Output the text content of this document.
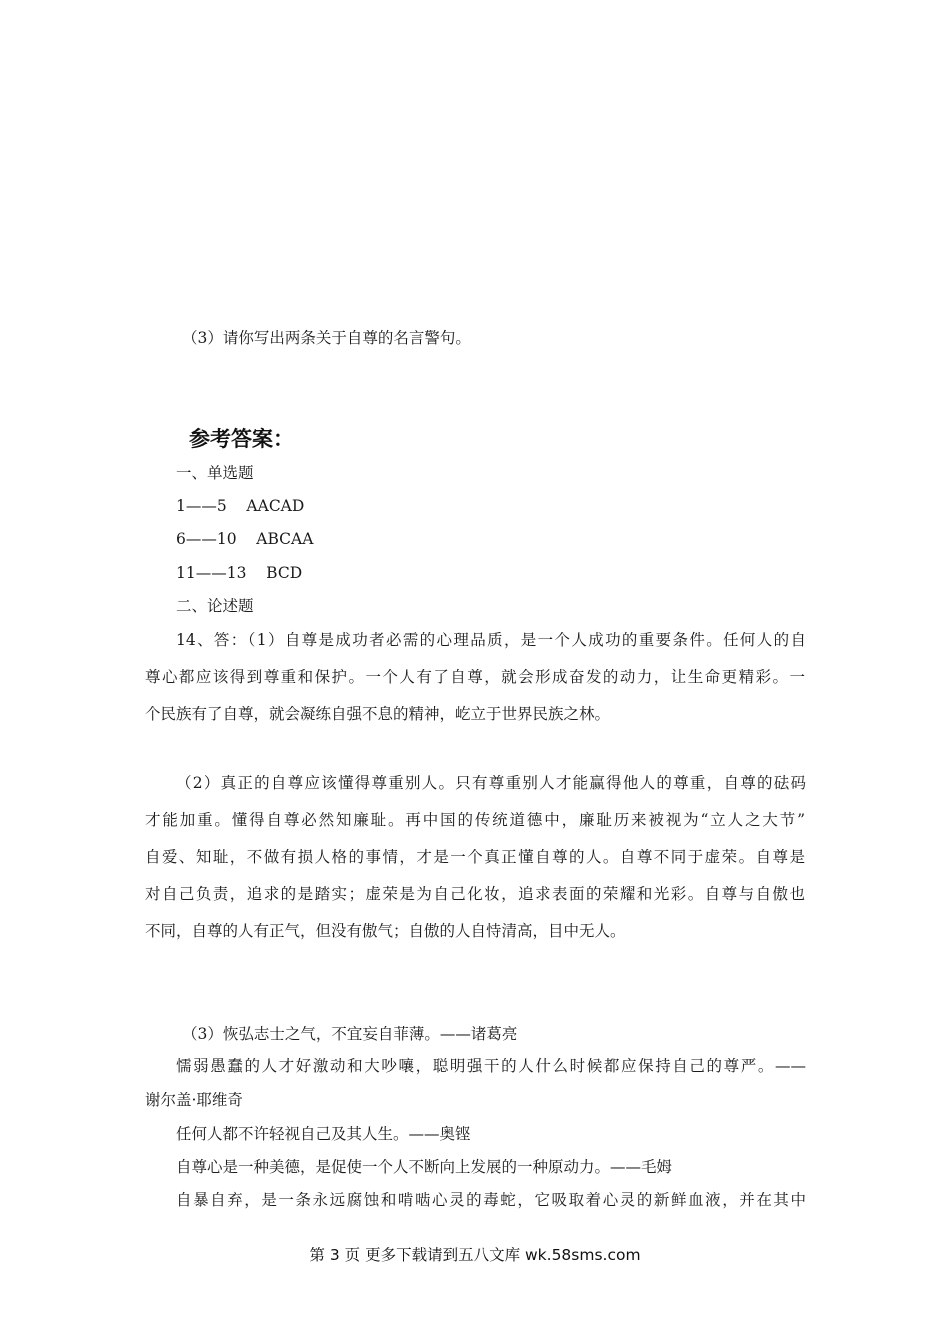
（3）请你写出两条关于自尊的名言警句。
参考答案：
一、单选题
1——5    AACAD
6——10    ABCAA
11——13    BCD
二、论述题
14、答：（1）自尊是成功者必需的心理品质，是一个人成功的重要条件。任何人的自
尊心都应该得到尊重和保护。一个人有了自尊，就会形成奋发的动力，让生命更精彩。一
个民族有了自尊，就会凝练自强不息的精神，屹立于世界民族之林。
（2）真正的自尊应该懂得尊重别人。只有尊重别人才能赢得他人的尊重，自尊的砝码
才能加重。懂得自尊必然知廉耻。再中国的传统道德中，廉耻历来被视为“立人之大节”
自爱、知耻，不做有损人格的事情，才是一个真正懂自尊的人。自尊不同于虚荣。自尊是
对自己负责，追求的是踏实；虚荣是为自己化妆，追求表面的荣耀和光彩。自尊与自傲也
不同，自尊的人有正气，但没有傲气；自傲的人自恃清高，目中无人。
（3）恢弘志士之气，不宜妄自菲薄。——诸葛亮
懦弱愚蠢的人才好激动和大吵嚷，聪明强干的人什么时候都应保持自己的尊严。——
谢尔盖·耶维奇
任何人都不许轻视自己及其人生。——奥铿
自尊心是一种美德，是促使一个人不断向上发展的一种原动力。——毛姆
自暴自弃，是一条永远腐蚀和啃啮心灵的毒蛇，它吸取着心灵的新鲜血液，并在其中
第 3 页 更多下载请到五八文库 wk.58sms.com
